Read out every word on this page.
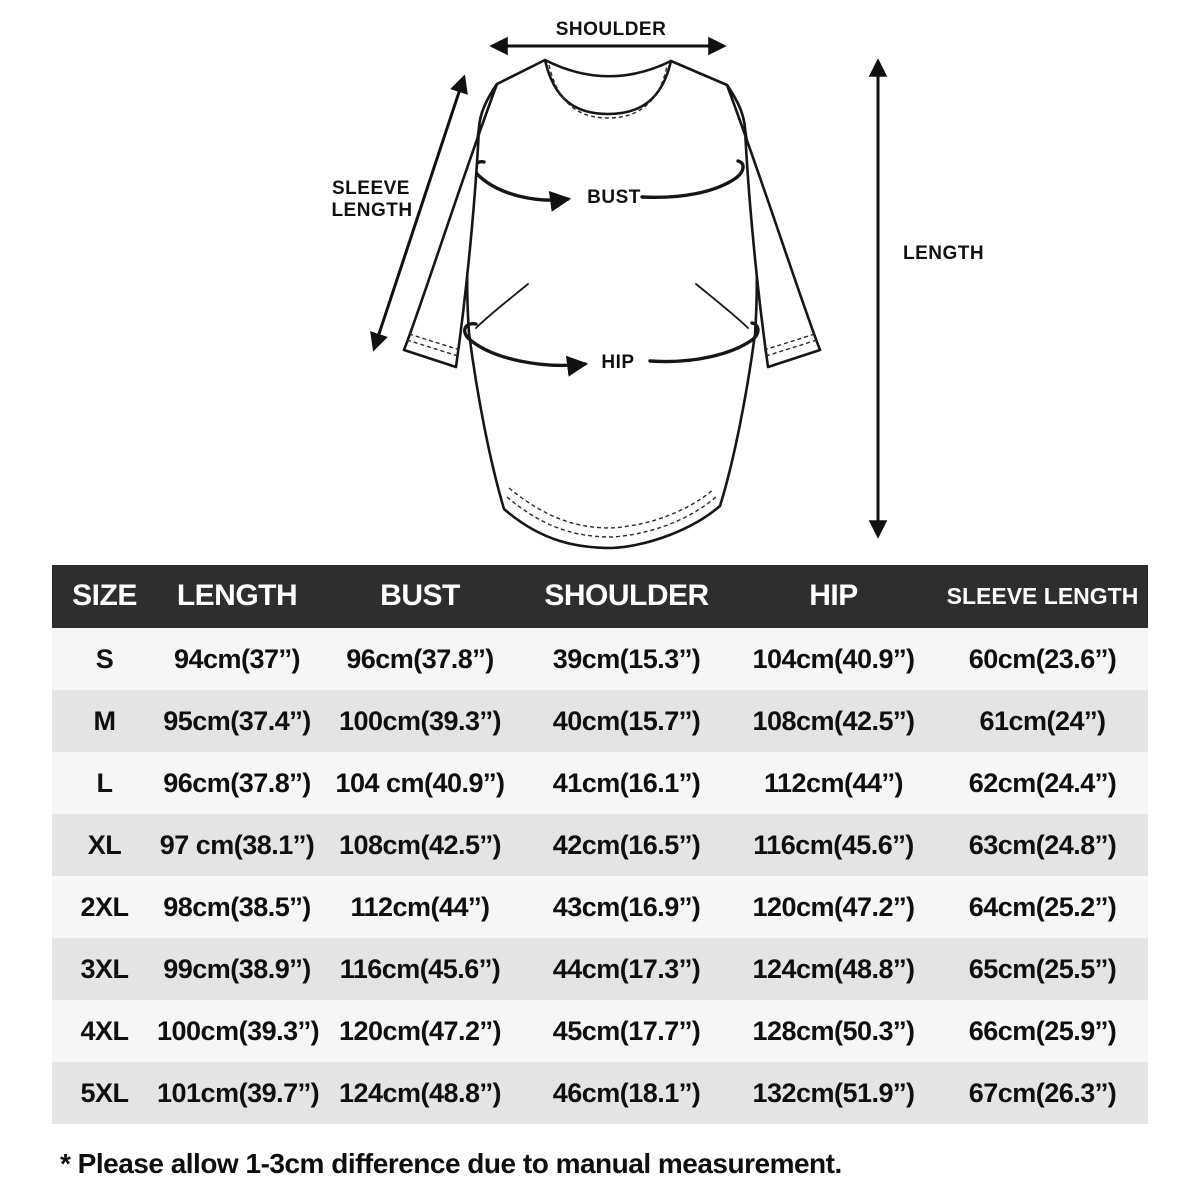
SHOULDER
SLEEVE
LENGTH
BUST
HIP
LENGTH
SIZE	LENGTH	BUST	SHOULDER	HIP	SLEEVE LENGTH
S	94cm(37’’)	96cm(37.8’’)	39cm(15.3’’)	104cm(40.9’’)	60cm(23.6’’)
M	95cm(37.4’’)	100cm(39.3’’)	40cm(15.7’’)	108cm(42.5’’)	61cm(24’’)
L	96cm(37.8’’)	104 cm(40.9’’)	41cm(16.1’’)	112cm(44’’)	62cm(24.4’’)
XL	97 cm(38.1’’)	108cm(42.5’’)	42cm(16.5’’)	116cm(45.6’’)	63cm(24.8’’)
2XL	98cm(38.5’’)	112cm(44’’)	43cm(16.9’’)	120cm(47.2’’)	64cm(25.2’’)
3XL	99cm(38.9’’)	116cm(45.6’’)	44cm(17.3’’)	124cm(48.8’’)	65cm(25.5’’)
4XL	100cm(39.3’’)	120cm(47.2’’)	45cm(17.7’’)	128cm(50.3’’)	66cm(25.9’’)
5XL	101cm(39.7’’)	124cm(48.8’’)	46cm(18.1’’)	132cm(51.9’’)	67cm(26.3’’)
* Please allow 1-3cm difference due to manual measurement.
